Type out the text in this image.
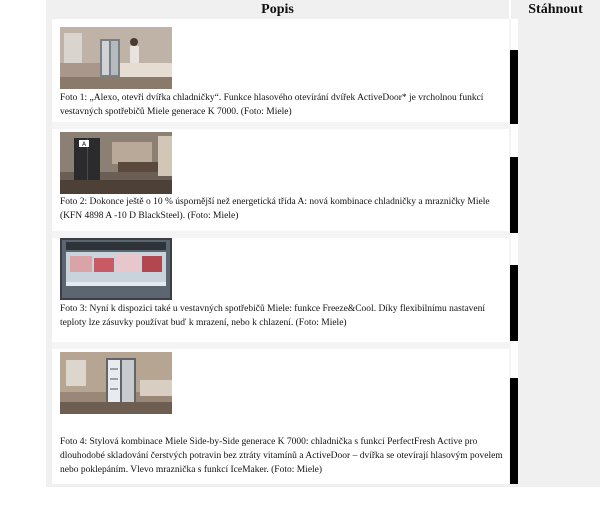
Popis	Stáhnout

Foto 1: „Alexo, otevři dvířka chladničky“. Funkce hlasového otevírání dvířek ActiveDoor* je vrcholnou funkcí vestavných spotřebičů Miele generace K 7000. (Foto: Miele)

A

Foto 2: Dokonce ještě o 10 % úspornější než energetická třída A: nová kombinace chladničky a mrazničky Miele (KFN 4898 A -10 D BlackSteel). (Foto: Miele)

Foto 3: Nyní k dispozici také u vestavných spotřebičů Miele: funkce Freeze&Cool. Díky flexibilnímu nastavení teploty lze zásuvky používat buď k mrazení, nebo k chlazení. (Foto: Miele)

Foto 4: Stylová kombinace Miele Side-by-Side generace K 7000: chladnička s funkcí PerfectFresh Active pro dlouhodobé skladování čerstvých potravin bez ztráty vitamínů a ActiveDoor – dvířka se otevírají hlasovým povelem nebo poklepáním. Vlevo mraznička s funkcí IceMaker. (Foto: Miele)
